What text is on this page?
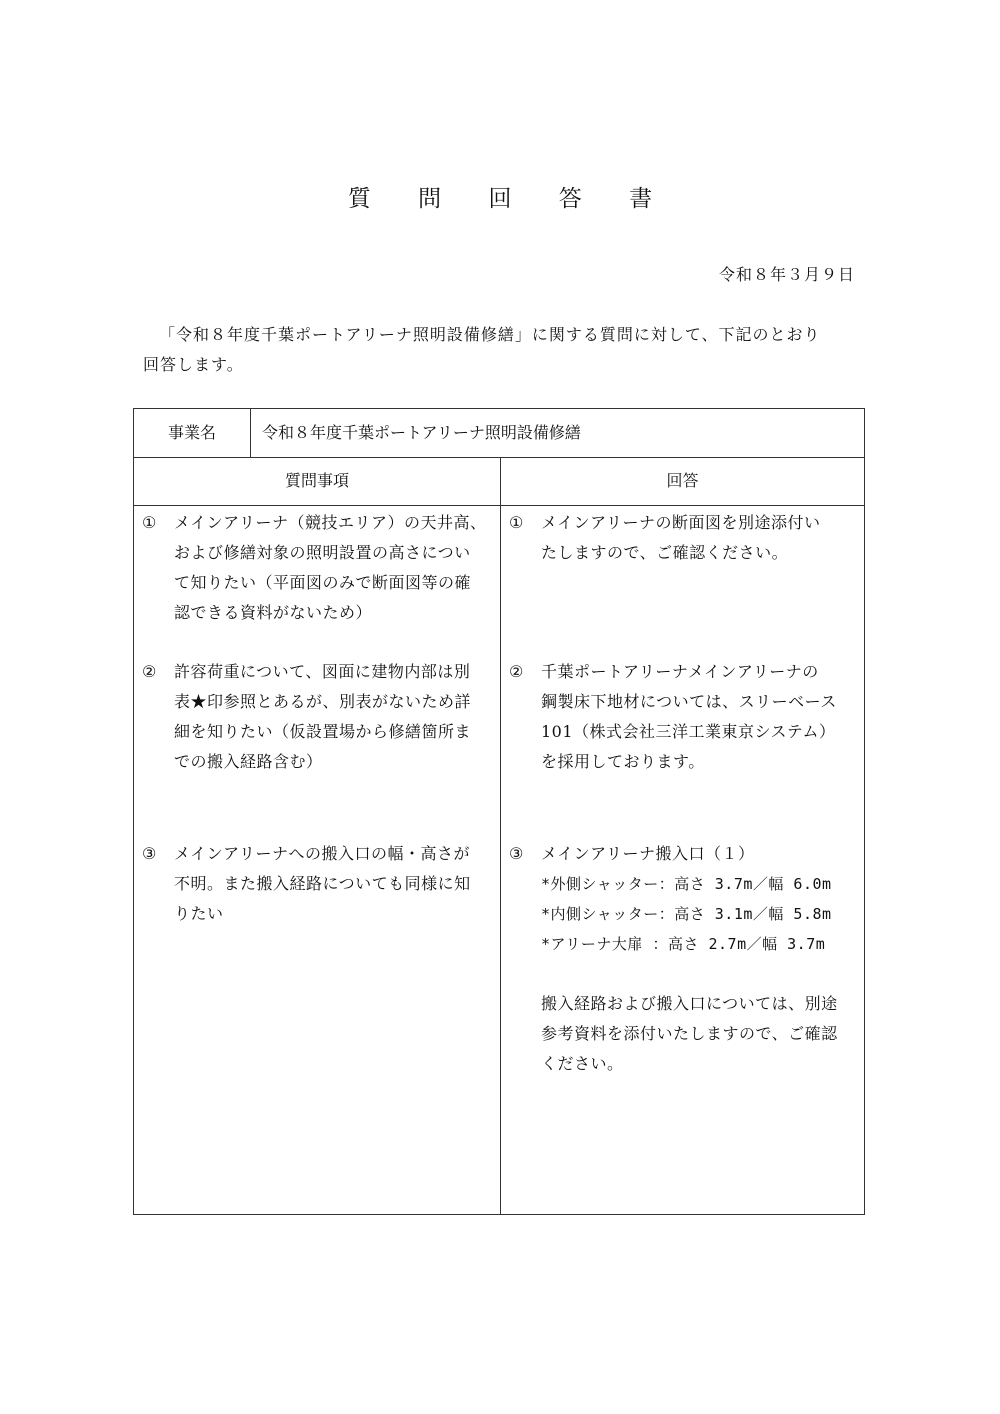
質 問 回 答 書
令和８年３月９日
「令和８年度千葉ポートアリーナ照明設備修繕」に関する質問に対して、下記のとおり
回答します。
事業名	令和８年度千葉ポートアリーナ照明設備修繕
質問事項	回答
①	メインアリーナ（競技エリア）の天井高、
および修繕対象の照明設置の高さについ
て知りたい（平面図のみで断面図等の確
認できる資料がないため）
①	メインアリーナの断面図を別途添付い
たしますので、ご確認ください。
②	許容荷重について、図面に建物内部は別
表★印参照とあるが、別表がないため詳
細を知りたい（仮設置場から修繕箇所ま
での搬入経路含む）
②	千葉ポートアリーナメインアリーナの
鋼製床下地材については、スリーベース
101（株式会社三洋工業東京システム）
を採用しております。
③	メインアリーナへの搬入口の幅・高さが
不明。また搬入経路についても同様に知
りたい
③	メインアリーナ搬入口（１）
*外側シャッター：高さ 3.7m／幅 6.0m
*内側シャッター：高さ 3.1m／幅 5.8m
*アリーナ大扉 ：高さ 2.7m／幅 3.7m
搬入経路および搬入口については、別途
参考資料を添付いたしますので、ご確認
ください。
